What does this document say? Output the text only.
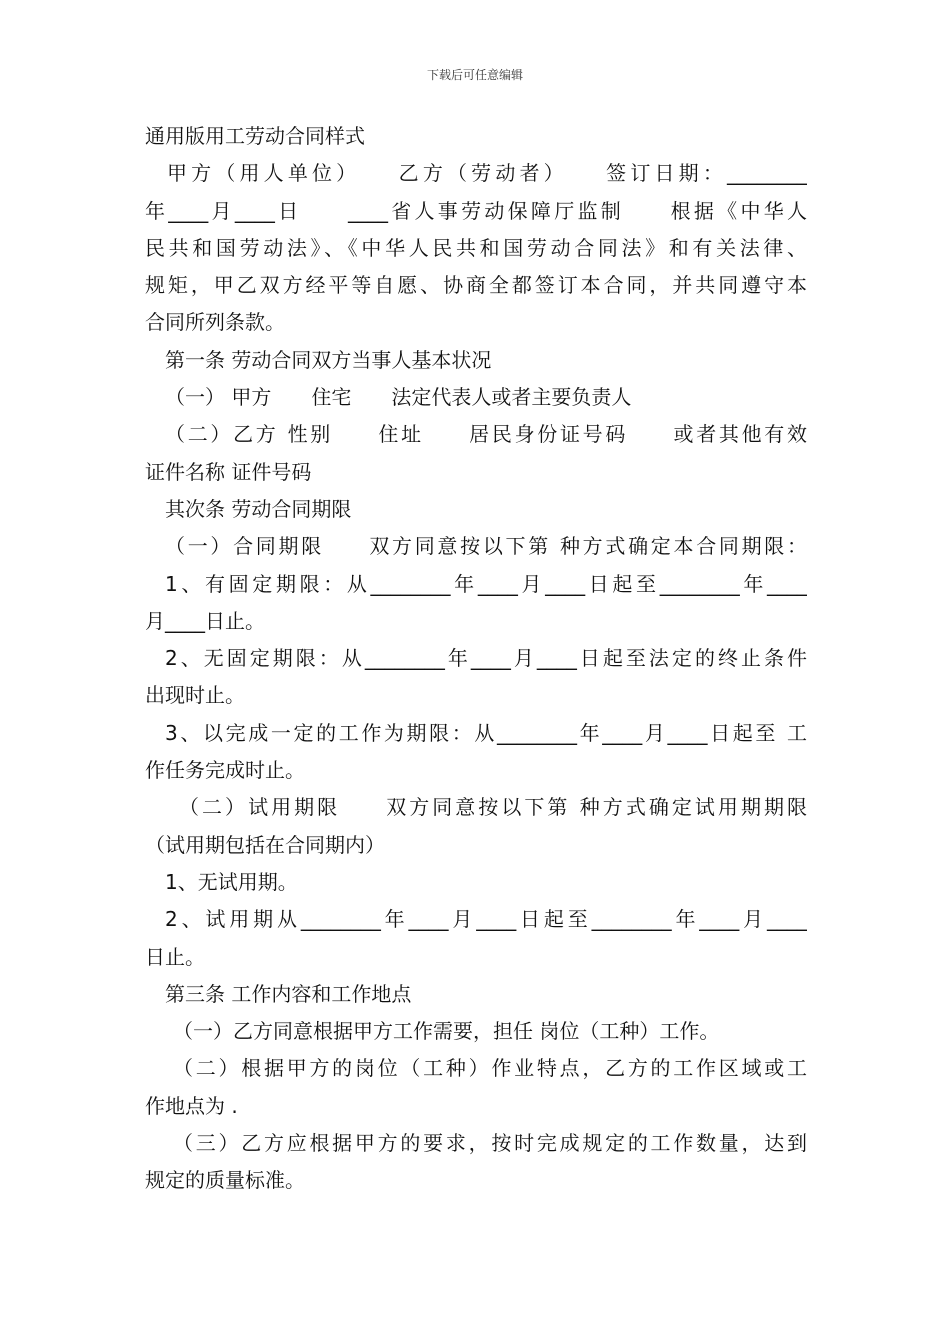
下载后可任意编辑
通用版用工劳动合同样式
甲方（用人单位）　　乙方（劳动者）　　签订日期：________
年____月____日　　____省人事劳动保障厅监制　　根据《中华人
民共和国劳动法》、《中华人民共和国劳动合同法》和有关法律、
规矩，甲乙双方经平等自愿、协商全都签订本合同，并共同遵守本
合同所列条款。
第一条 劳动合同双方当事人基本状况
（一） 甲方　　住宅　　法定代表人或者主要负责人
（二）乙方 性别　　住址　　居民身份证号码　　或者其他有效
证件名称 证件号码
其次条 劳动合同期限
（一）合同期限　　双方同意按以下第 种方式确定本合同期限：
1、有固定期限：从________年____月____日起至________年____
月____日止。
2、无固定期限：从________年____月____日起至法定的终止条件
出现时止。
3、以完成一定的工作为期限：从________年____月____日起至 工
作任务完成时止。
（二）试用期限　　双方同意按以下第 种方式确定试用期期限
（试用期包括在合同期内）
1、无试用期。
2、试用期从________年____月____日起至________年____月____
日止。
第三条 工作内容和工作地点
（一）乙方同意根据甲方工作需要，担任 岗位（工种）工作。
（二）根据甲方的岗位（工种）作业特点，乙方的工作区域或工
作地点为 .
（三）乙方应根据甲方的要求，按时完成规定的工作数量，达到
规定的质量标准。
